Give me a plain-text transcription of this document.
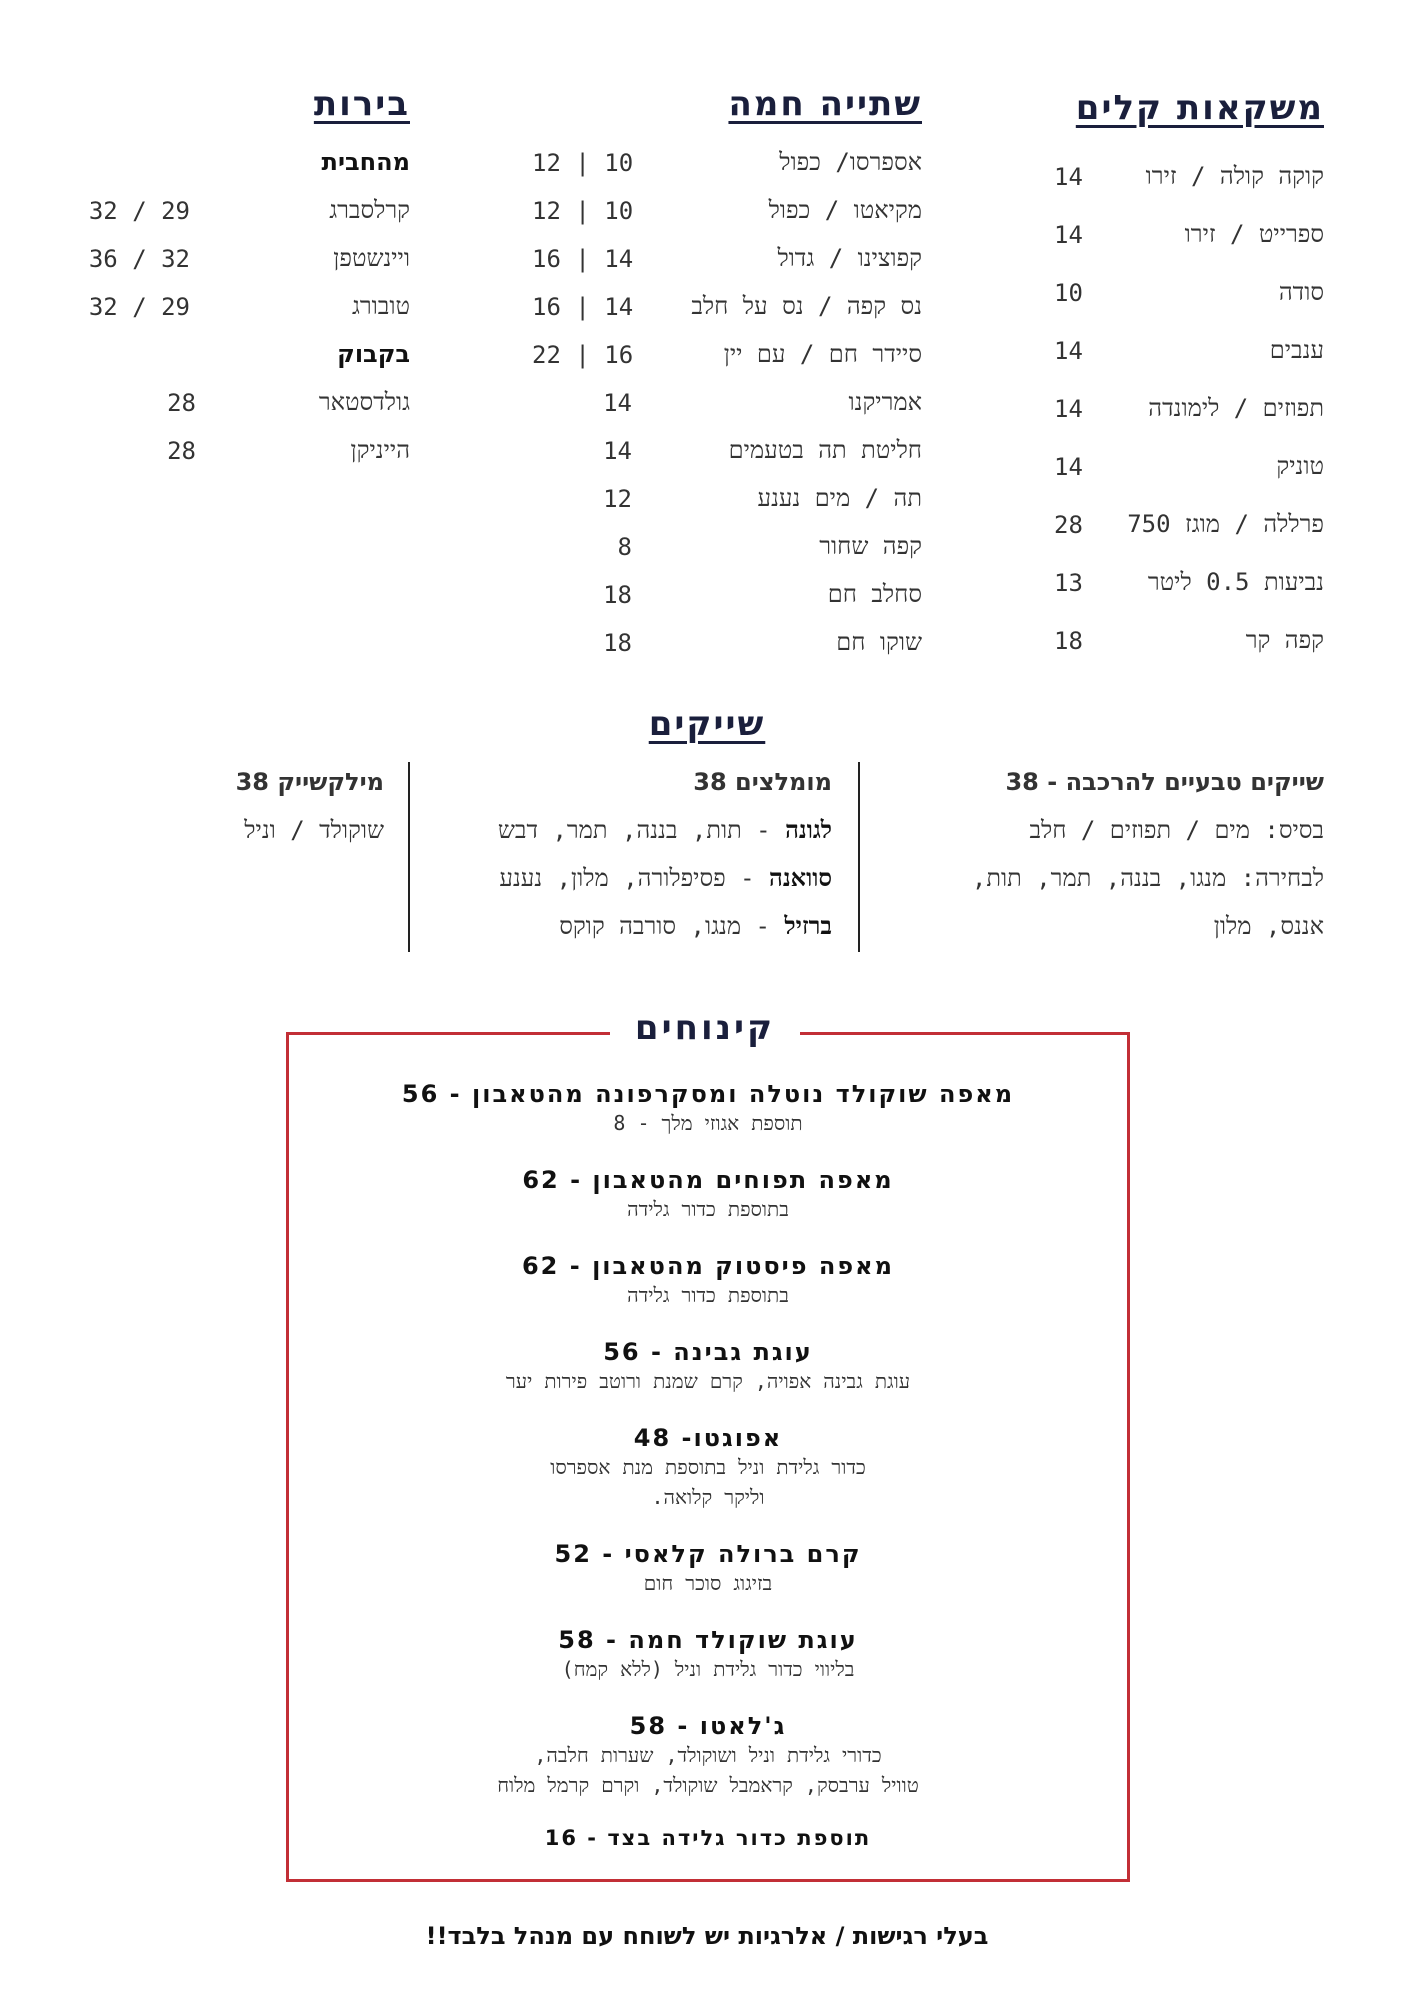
משקאות קלים
שתייה חמה
בירות
קוקה קולה / זירו
14
ספרייט / זירו
14
סודה
10
ענבים
14
תפוזים / לימונדה
14
טוניק
14
פרללה / מוגז 750
28
נביעות 0.5 ליטר
13
קפה קר
18
אספרסו/ כפול
12 | 10
מקיאטו / כפול
12 | 10
קפוצינו / גדול
16 | 14
נס קפה / נס על חלב
16 | 14
סיידר חם / עם יין
22 | 16
אמריקנו
14
חליטת תה בטעמים
14
תה / מים נענע
12
קפה שחור
8
סחלב חם
18
שוקו חם
18
מהחבית
קרלסברג
32 / 29
ויינשטפן
36 / 32
טובורג
32 / 29
בקבוק
גולדסטאר
28
הייניקן
28
שייקים
שייקים טבעיים להרכבה - 38
בסיס: מים / תפוזים / חלב
לבחירה: מנגו, בננה, תמר, תות,
אננס, מלון
מומלצים 38
לגונה - תות, בננה, תמר, דבש
סוואנה - פסיפלורה, מלון, נענע
ברזיל - מנגו, סורבה קוקס
מילקשייק 38
שוקולד / וניל
קינוחים
מאפה שוקולד נוטלה ומסקרפונה מהטאבון - 56
תוספת אגוזי מלך - 8
מאפה תפוחים מהטאבון - 62
בתוספת כדור גלידה
מאפה פיסטוק מהטאבון - 62
בתוספת כדור גלידה
עוגת גבינה - 56
עוגת גבינה אפויה, קרם שמנת ורוטב פירות יער
אפוגטו- 48
כדור גלידת וניל בתוספת מנת אספרסו
וליקר קלואה.
קרם ברולה קלאסי - 52
בזיגוג סוכר חום
עוגת שוקולד חמה - 58
בליווי כדור גלידת וניל (ללא קמח)
ג'לאטו - 58
כדורי גלידת וניל ושוקולד, שערות חלבה,
טוויל ערבסק, קראמבל שוקולד, וקרם קרמל מלוח
תוספת כדור גלידה בצד - 16
בעלי רגישות / אלרגיות יש לשוחח עם מנהל בלבד!!
